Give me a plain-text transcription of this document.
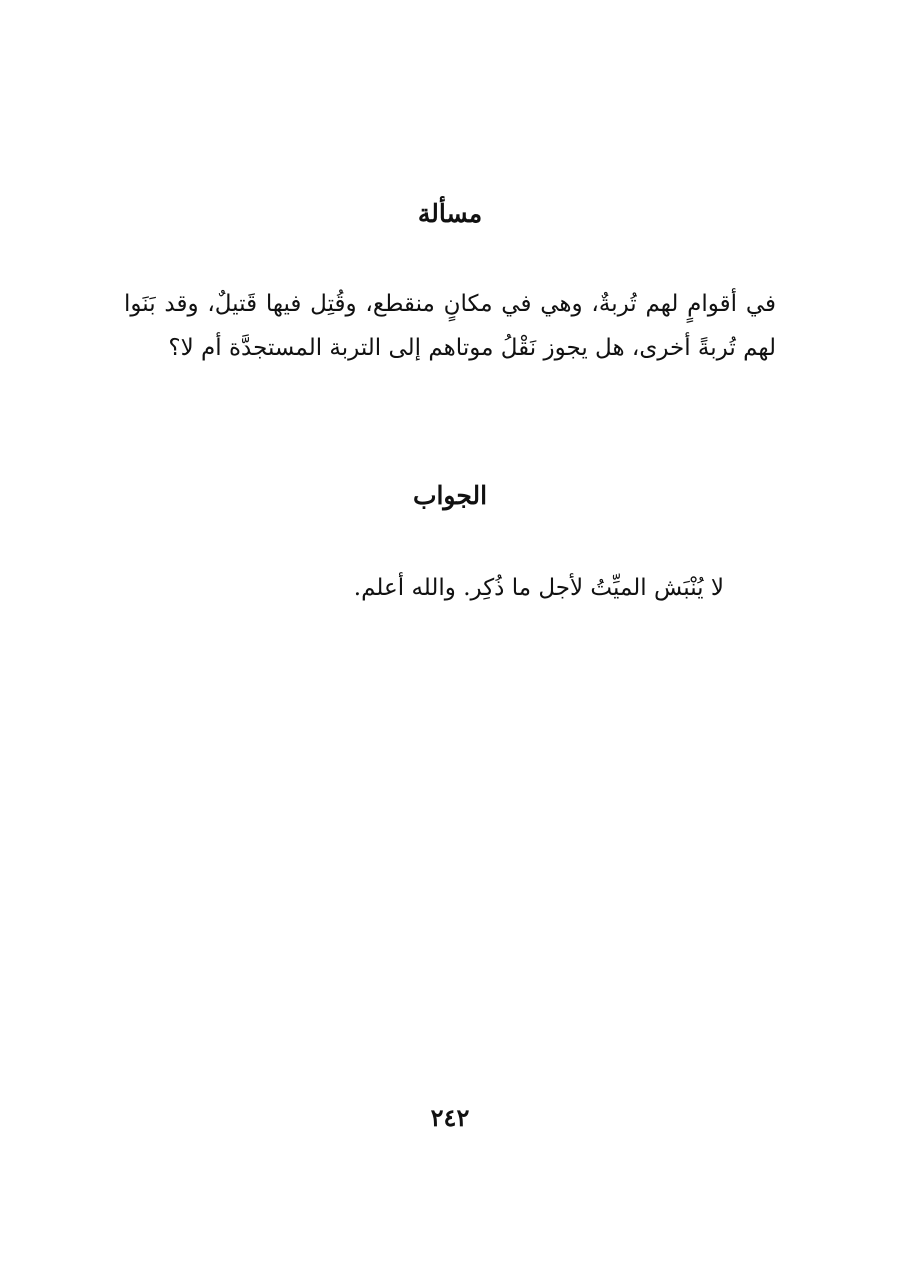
مسألة

في أقوامٍ لهم تُربةٌ، وهي في مكانٍ منقطع، وقُتِل فيها قَتيلٌ، وقد بَنَوا لهم تُربةً أخرى، هل يجوز نَقْلُ موتاهم إلى التربة المستجدَّة أم لا؟

الجواب

لا يُنْبَش الميِّتُ لأجل ما ذُكِر. والله أعلم.

٢٤٢
